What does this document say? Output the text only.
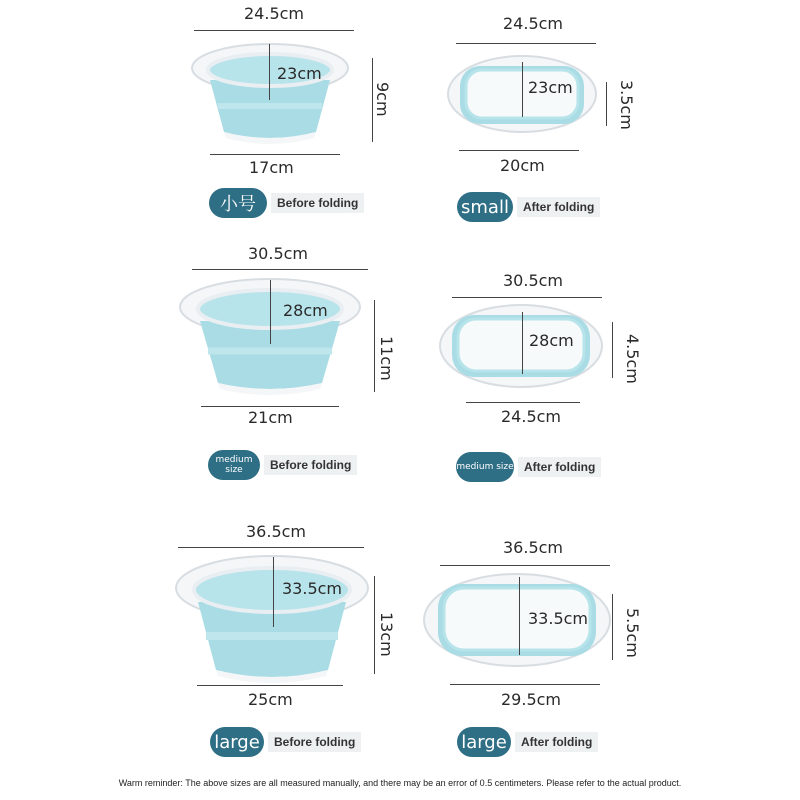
24.5cm
23cm
9cm
17cm
小号	Before folding
24.5cm
23cm	3.5cm
20cm
small	After folding
30.5cm
28cm
11cm
21cm
medium size	Before folding
30.5cm
28cm	4.5cm
24.5cm
medium size After folding
36.5cm
33.5cm
13cm
25cm
large	Before folding
36.5cm
33.5cm 5.5cm
29.5cm
large	After folding
Warm reminder: The above sizes are all measured manually, and there may be an error of 0.5 centimeters. Please refer to the actual product.
